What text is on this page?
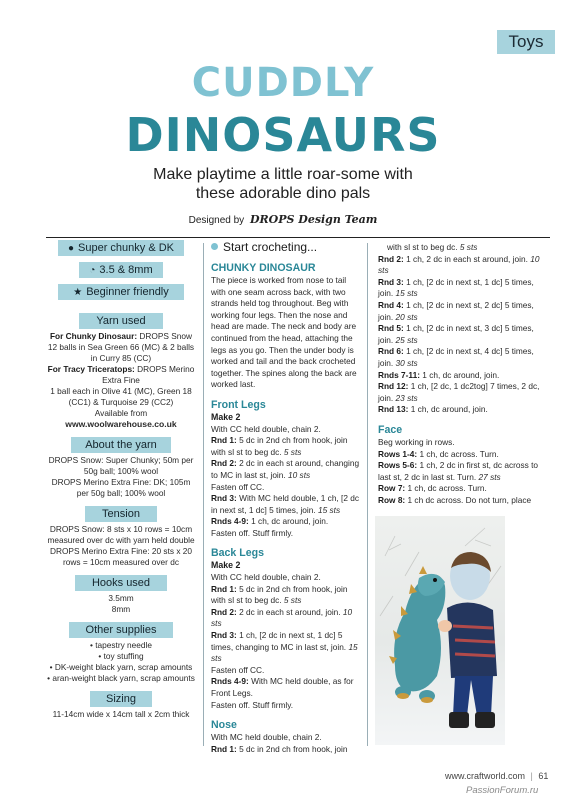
Toys
CUDDLY
DINOSAURS
Make playtime a little roar-some with
these adorable dino pals
Designed by DROPS Design Team
● Super chunky & DK
◔ 3.5 & 8mm
★ Beginner friendly
Yarn used
For Chunky Dinosaur: DROPS Snow 12 balls in Sea Green 66 (MC) & 2 balls in Curry 85 (CC)
For Tracy Triceratops: DROPS Merino Extra Fine
1 ball each in Olive 41 (MC), Green 18 (CC1) & Turquoise 29 (CC2)
Available from
www.woolwarehouse.co.uk
About the yarn
DROPS Snow: Super Chunky; 50m per 50g ball; 100% wool
DROPS Merino Extra Fine: DK; 105m per 50g ball; 100% wool
Tension
DROPS Snow: 8 sts x 10 rows = 10cm measured over dc with yarn held double
DROPS Merino Extra Fine: 20 sts x 20 rows = 10cm measured over dc
Hooks used
3.5mm
8mm
Other supplies
• tapestry needle
• toy stuffing
• DK-weight black yarn, scrap amounts
• aran-weight black yarn, scrap amounts
Sizing
11-14cm wide x 14cm tall x 2cm thick
Start crocheting...
CHUNKY DINOSAUR

The piece is worked from nose to tail with one seam across back, with two strands held tog throughout. Beg with working four legs. Then the nose and head are made. The neck and body are continued from the head, attaching the legs as you go. Then the under body is worked and tail and the back crocheted together. The spines along the back are worked last.

Front Legs

Make 2

With CC held double, chain 2.

Rnd 1: 5 dc in 2nd ch from hook, join with sl st to beg dc. 5 sts

Rnd 2: 2 dc in each st around, changing to MC in last st, join. 10 sts

Fasten off CC.

Rnd 3: With MC held double, 1 ch, [2 dc in next st, 1 dc] 5 times, join. 15 sts

Rnds 4-9: 1 ch, dc around, join.

Fasten off. Stuff firmly.

Back Legs

Make 2

With CC held double, chain 2.

Rnd 1: 5 dc in 2nd ch from hook, join with sl st to beg dc. 5 sts

Rnd 2: 2 dc in each st around, join. 10 sts

Rnd 3: 1 ch, [2 dc in next st, 1 dc] 5 times, changing to MC in last st, join. 15 sts

Fasten off CC.

Rnds 4-9: With MC held double, as for Front Legs.

Fasten off. Stuff firmly.

Nose

With MC held double, chain 2.

Rnd 1: 5 dc in 2nd ch from hook, join

with sl st to beg dc. 5 sts

Rnd 2: 1 ch, 2 dc in each st around, join. 10 sts

Rnd 3: 1 ch, [2 dc in next st, 1 dc] 5 times, join. 15 sts

Rnd 4: 1 ch, [2 dc in next st, 2 dc] 5 times, join. 20 sts

Rnd 5: 1 ch, [2 dc in next st, 3 dc] 5 times, join. 25 sts

Rnd 6: 1 ch, [2 dc in next st, 4 dc] 5 times, join. 30 sts

Rnds 7-11: 1 ch, dc around, join.

Rnd 12: 1 ch, [2 dc, 1 dc2tog] 7 times, 2 dc, join. 23 sts

Rnd 13: 1 ch, dc around, join.

Face

Beg working in rows.

Rows 1-4: 1 ch, dc across. Turn.

Rows 5-6: 1 ch, 2 dc in first st, dc across to last st, 2 dc in last st. Turn. 27 sts

Row 7: 1 ch, dc across. Turn.

Row 8: 1 ch dc across. Do not turn, place

www.craftworld.com | 61
PassionForum.ru
